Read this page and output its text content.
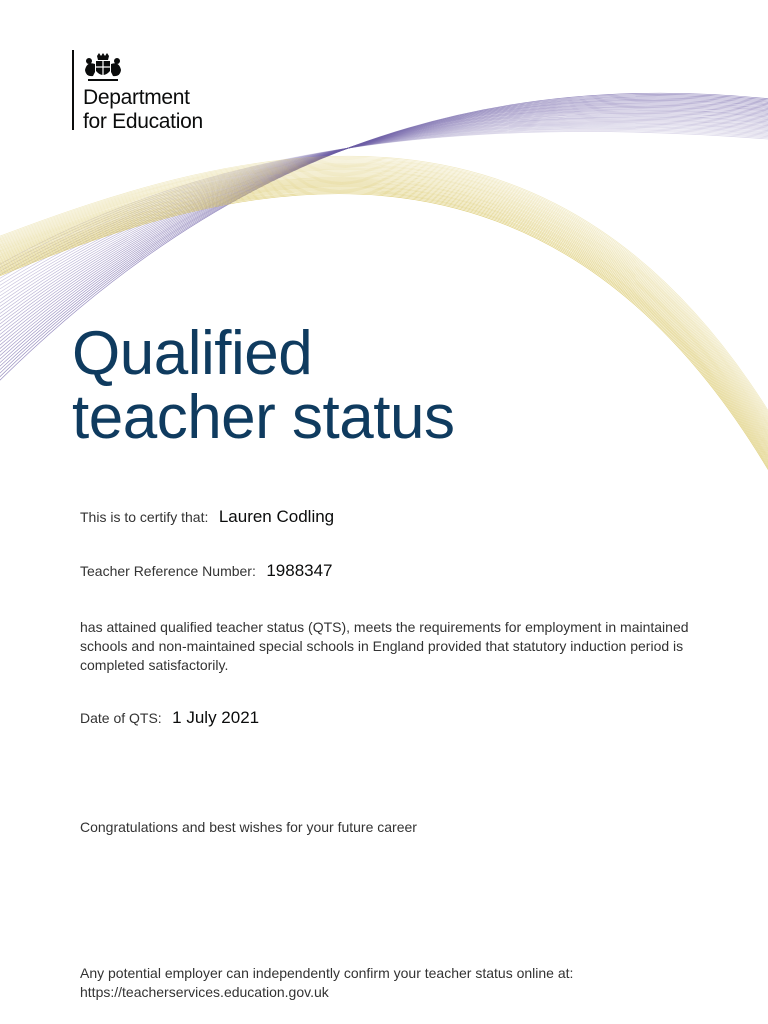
Department
for Education
Qualified
teacher status
This is to certify that: Lauren Codling
Teacher Reference Number: 1988347

has attained qualified teacher status (QTS), meets the requirements for employment in maintained schools and non-maintained special schools in England provided that statutory induction period is completed satisfactorily.

Date of QTS: 1 July 2021

Congratulations and best wishes for your future career

Any potential employer can independently confirm your teacher status online at:
https://teacherservices.education.gov.uk
